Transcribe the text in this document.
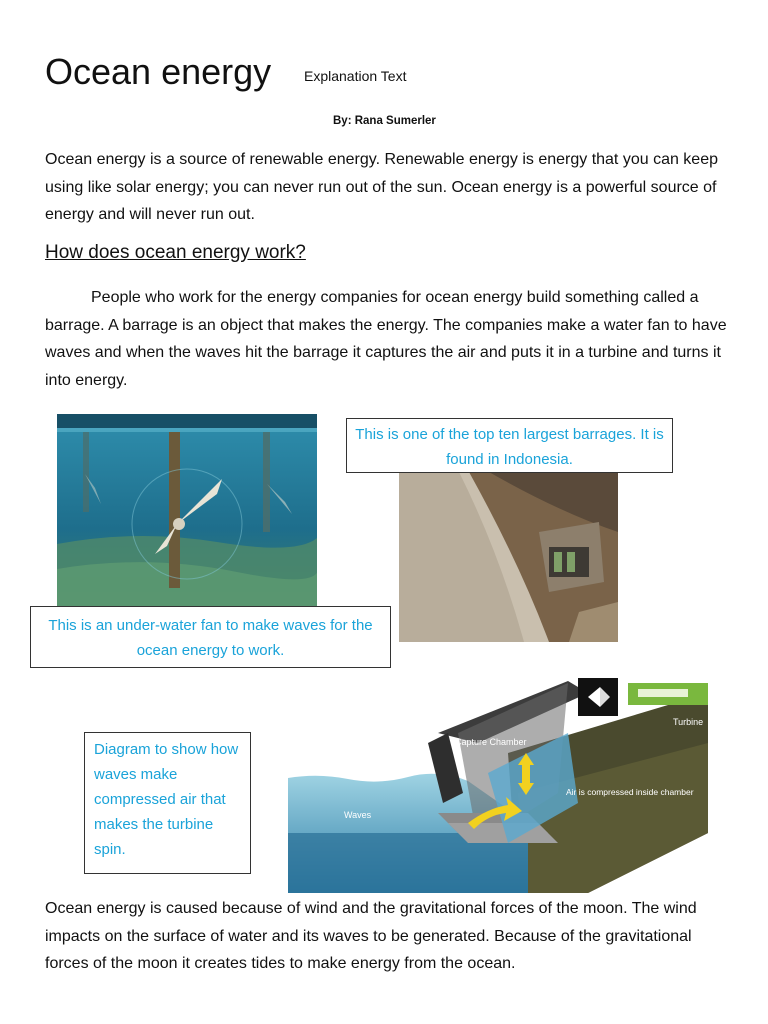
Ocean energy Explanation Text
By: Rana Sumerler
Ocean energy is a source of renewable energy. Renewable energy is energy that you can keep using like solar energy; you can never run out of the sun. Ocean energy is a powerful source of energy and will never run out.
How does ocean energy work?
People who work for the energy companies for ocean energy build something called a barrage. A barrage is an object that makes the energy. The companies make a water fan to have waves and when the waves hit the barrage it captures the air and puts it in a turbine and turns it into energy.
This is one of the top ten largest barrages. It is found in Indonesia.
This is an under-water fan to make waves for the ocean energy to work.
Diagram to show how waves make compressed air that makes the turbine spin.
Capture Chamber
Turbine
Waves
Air is compressed inside chamber
Ocean energy is caused because of wind and the gravitational forces of the moon. The wind impacts on the surface of water and its waves to be generated. Because of the gravitational forces of the moon it creates tides to make energy from the ocean.
